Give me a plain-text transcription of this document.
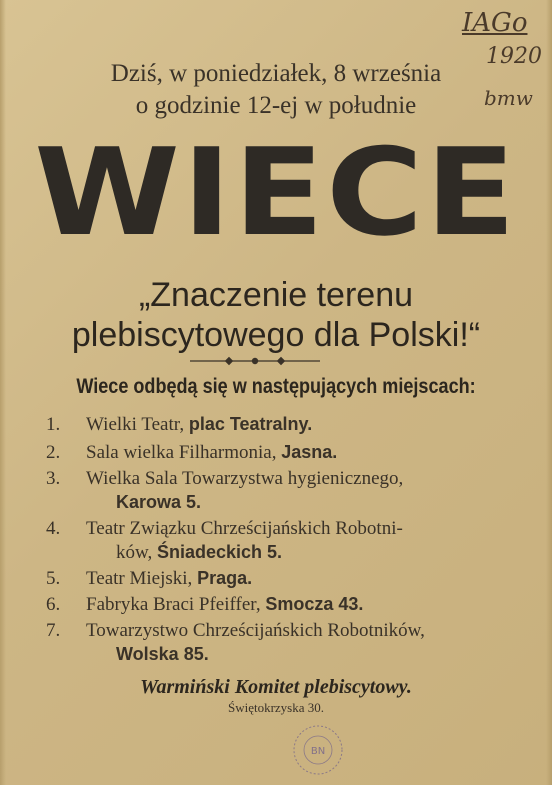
IAGo
1920
bmw
Dziś, w poniedziałek, 8 września
o godzinie 12-ej w południe
WIECE
„Znaczenie terenu
plebiscytowego dla Polski!“
Wiece odbędą się w następujących miejscach:
1. Wielki Teatr, plac Teatralny.
2. Sala wielka Filharmonia, Jasna.
3. Wielka Sala Towarzystwa hygienicznego,
Karowa 5.
4. Teatr Związku Chrześcijańskich Robotni-
ków, Śniadeckich 5.
5. Teatr Miejski, Praga.
6. Fabryka Braci Pfeiffer, Smocza 43.
7. Towarzystwo Chrześcijańskich Robotników,
Wolska 85.
Warmiński Komitet plebiscytowy.
Świętokrzyska 30.
BN
